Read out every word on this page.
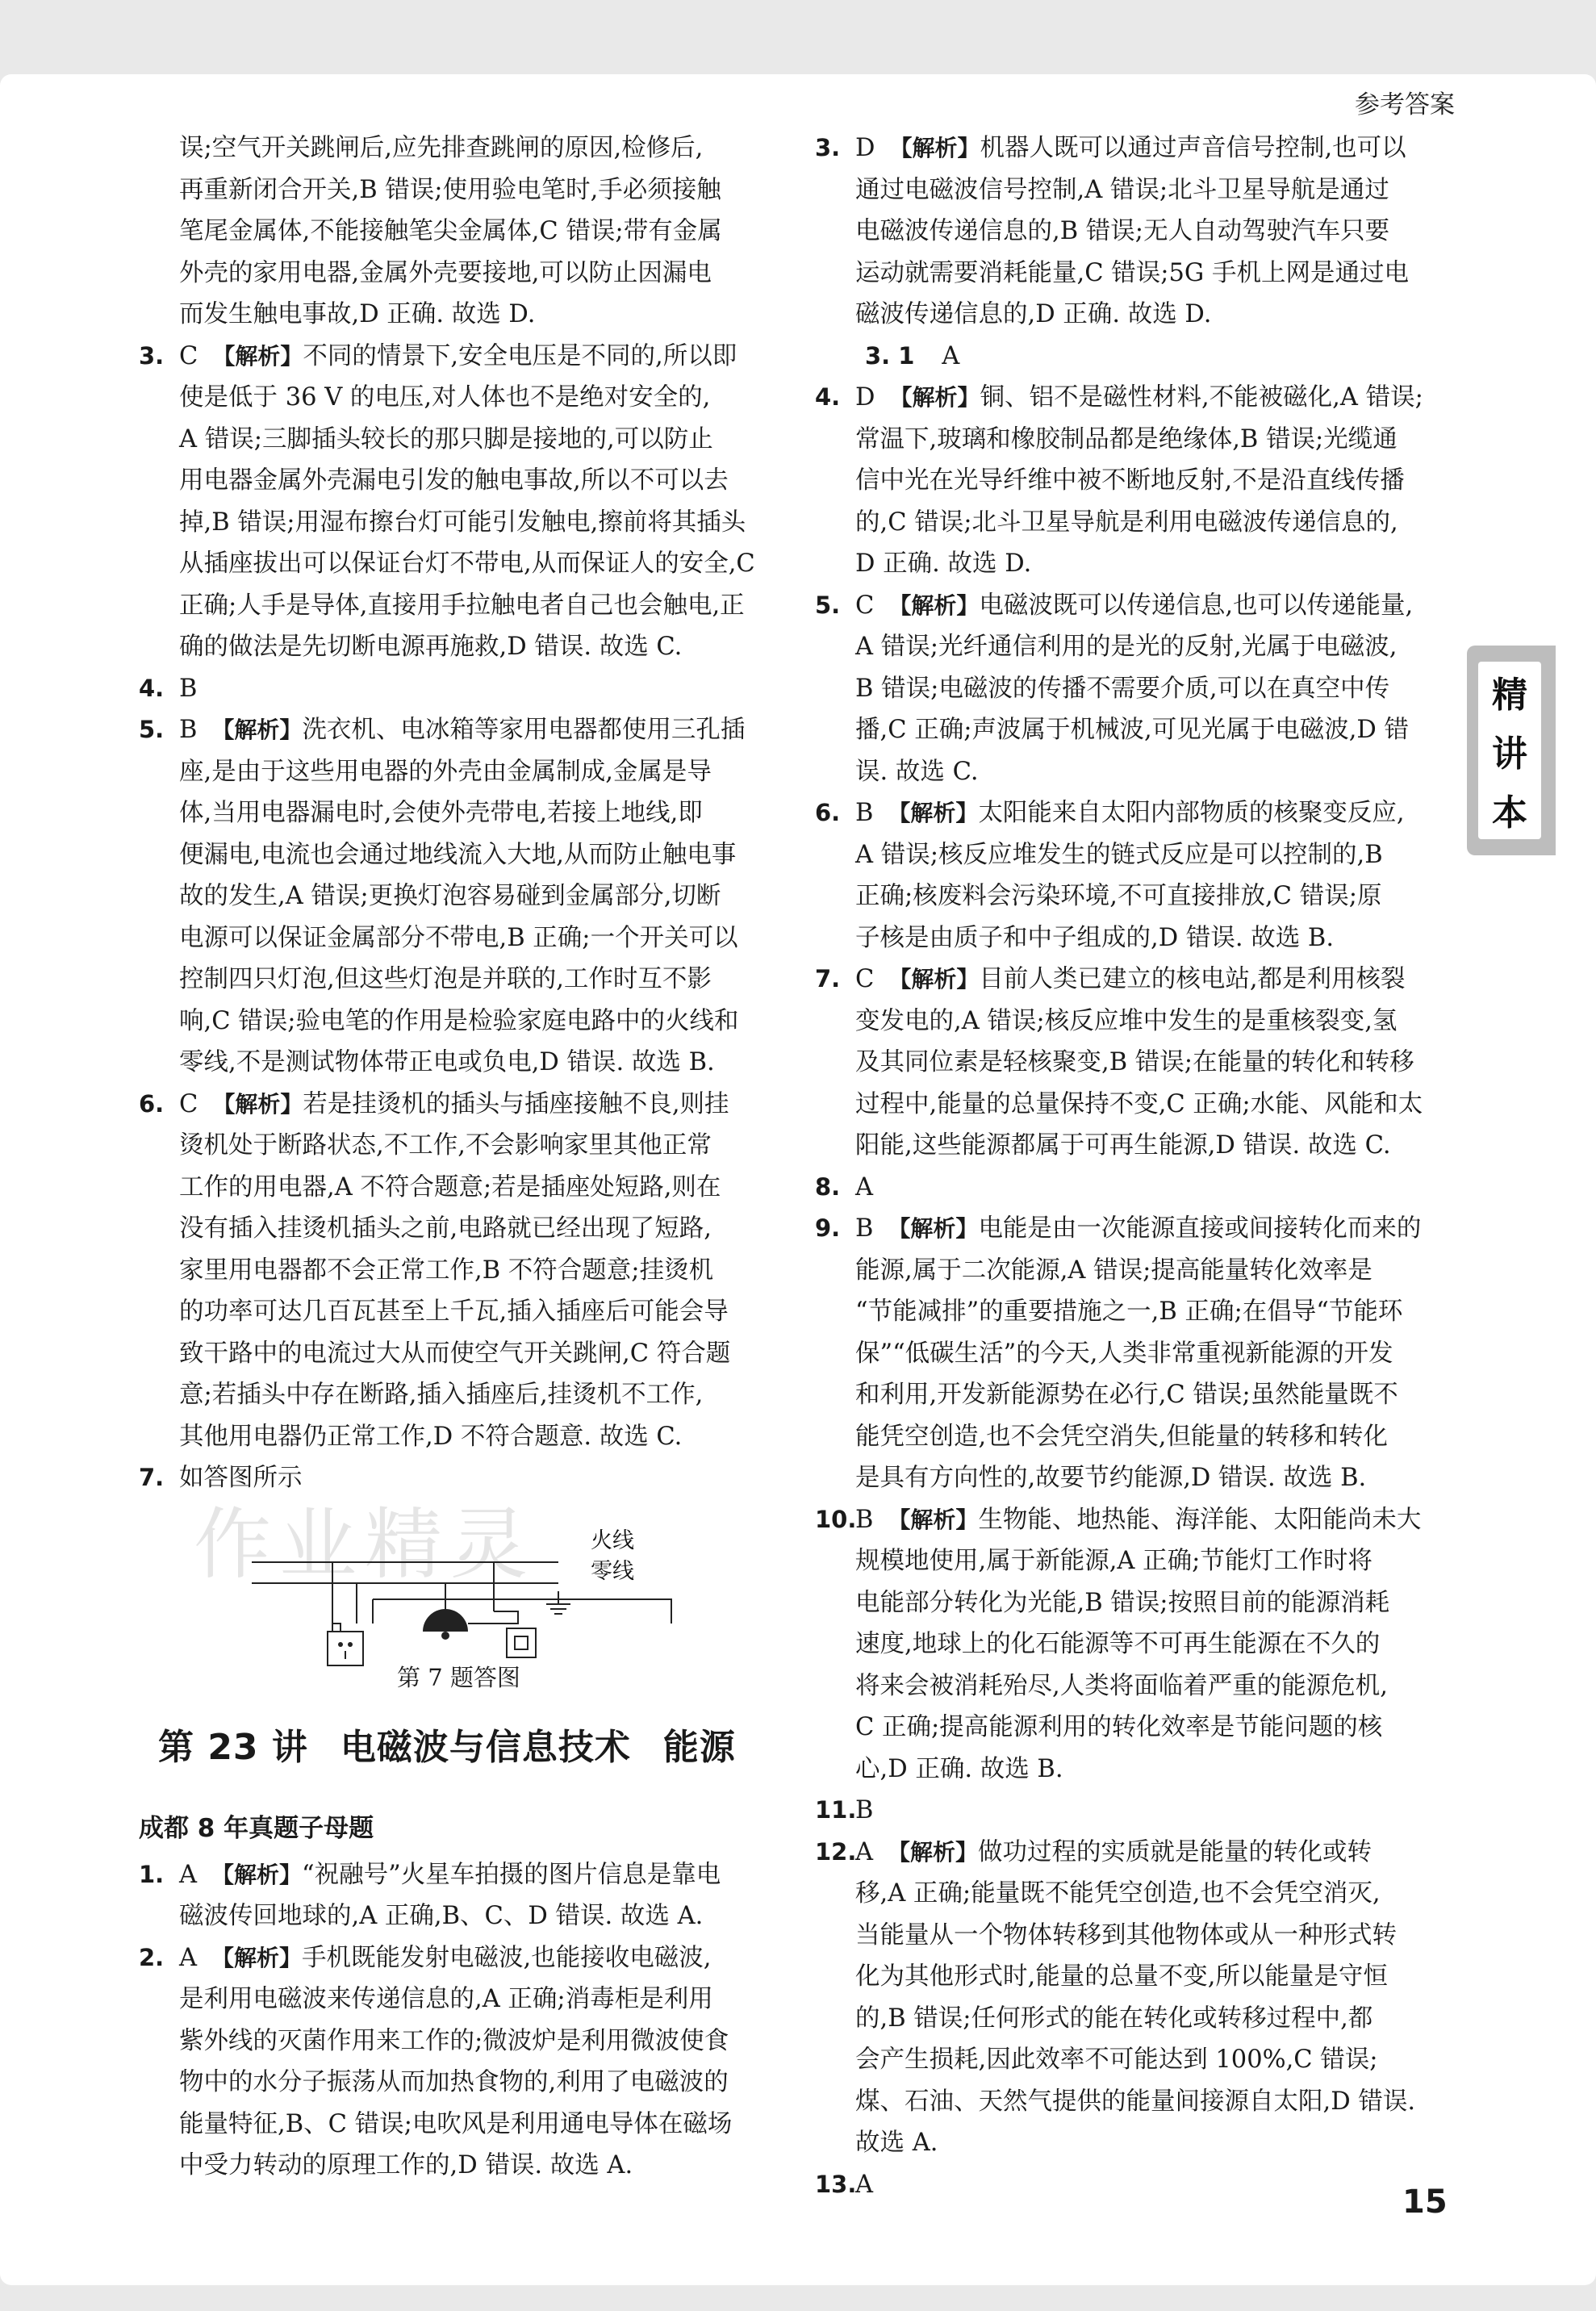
参考答案
精
讲
本
误;空气开关跳闸后,应先排查跳闸的原因,检修后,
再重新闭合开关,B 错误;使用验电笔时,手必须接触
笔尾金属体,不能接触笔尖金属体,C 错误;带有金属
外壳的家用电器,金属外壳要接地,可以防止因漏电
而发生触电事故,D 正确. 故选 D.
3. C 【解析】不同的情景下,安全电压是不同的,所以即
使是低于 36 V 的电压,对人体也不是绝对安全的,
A 错误;三脚插头较长的那只脚是接地的,可以防止
用电器金属外壳漏电引发的触电事故,所以不可以去
掉,B 错误;用湿布擦台灯可能引发触电,擦前将其插头
从插座拔出可以保证台灯不带电,从而保证人的安全,C
正确;人手是导体,直接用手拉触电者自己也会触电,正
确的做法是先切断电源再施救,D 错误. 故选 C.
4. B
5. B 【解析】洗衣机、电冰箱等家用电器都使用三孔插
座,是由于这些用电器的外壳由金属制成,金属是导
体,当用电器漏电时,会使外壳带电,若接上地线,即
便漏电,电流也会通过地线流入大地,从而防止触电事
故的发生,A 错误;更换灯泡容易碰到金属部分,切断
电源可以保证金属部分不带电,B 正确;一个开关可以
控制四只灯泡,但这些灯泡是并联的,工作时互不影
响,C 错误;验电笔的作用是检验家庭电路中的火线和
零线,不是测试物体带正电或负电,D 错误. 故选 B.
6. C 【解析】若是挂烫机的插头与插座接触不良,则挂
烫机处于断路状态,不工作,不会影响家里其他正常
工作的用电器,A 不符合题意;若是插座处短路,则在
没有插入挂烫机插头之前,电路就已经出现了短路,
家里用电器都不会正常工作,B 不符合题意;挂烫机
的功率可达几百瓦甚至上千瓦,插入插座后可能会导
致干路中的电流过大从而使空气开关跳闸,C 符合题
意;若插头中存在断路,插入插座后,挂烫机不工作,
其他用电器仍正常工作,D 不符合题意. 故选 C.
7. 如答图所示
作业精灵	火线
零线
第 7 题答图
第 23 讲 电磁波与信息技术 能源
成都 8 年真题子母题
1. A 【解析】“祝融号”火星车拍摄的图片信息是靠电
磁波传回地球的,A 正确,B、C、D 错误. 故选 A.
2. A 【解析】手机既能发射电磁波,也能接收电磁波,
是利用电磁波来传递信息的,A 正确;消毒柜是利用
紫外线的灭菌作用来工作的;微波炉是利用微波使食
物中的水分子振荡从而加热食物的,利用了电磁波的
能量特征,B、C 错误;电吹风是利用通电导体在磁场
中受力转动的原理工作的,D 错误. 故选 A.
3. D 【解析】机器人既可以通过声音信号控制,也可以
通过电磁波信号控制,A 错误;北斗卫星导航是通过
电磁波传递信息的,B 错误;无人自动驾驶汽车只要
运动就需要消耗能量,C 错误;5G 手机上网是通过电
磁波传递信息的,D 正确. 故选 D.
3. 1 A
4. D 【解析】铜、铝不是磁性材料,不能被磁化,A 错误;
常温下,玻璃和橡胶制品都是绝缘体,B 错误;光缆通
信中光在光导纤维中被不断地反射,不是沿直线传播
的,C 错误;北斗卫星导航是利用电磁波传递信息的,
D 正确. 故选 D.
5. C 【解析】电磁波既可以传递信息,也可以传递能量,
A 错误;光纤通信利用的是光的反射,光属于电磁波,
B 错误;电磁波的传播不需要介质,可以在真空中传
播,C 正确;声波属于机械波,可见光属于电磁波,D 错
误. 故选 C.
6. B 【解析】太阳能来自太阳内部物质的核聚变反应,
A 错误;核反应堆发生的链式反应是可以控制的,B
正确;核废料会污染环境,不可直接排放,C 错误;原
子核是由质子和中子组成的,D 错误. 故选 B.
7. C 【解析】目前人类已建立的核电站,都是利用核裂
变发电的,A 错误;核反应堆中发生的是重核裂变,氢
及其同位素是轻核聚变,B 错误;在能量的转化和转移
过程中,能量的总量保持不变,C 正确;水能、风能和太
阳能,这些能源都属于可再生能源,D 错误. 故选 C.
8. A
9. B 【解析】电能是由一次能源直接或间接转化而来的
能源,属于二次能源,A 错误;提高能量转化效率是
“节能减排”的重要措施之一,B 正确;在倡导“节能环
保”“低碳生活”的今天,人类非常重视新能源的开发
和利用,开发新能源势在必行,C 错误;虽然能量既不
能凭空创造,也不会凭空消失,但能量的转移和转化
是具有方向性的,故要节约能源,D 错误. 故选 B.
10.
B 【解析】生物能、地热能、海洋能、太阳能尚未大
规模地使用,属于新能源,A 正确;节能灯工作时将
电能部分转化为光能,B 错误;按照目前的能源消耗
速度,地球上的化石能源等不可再生能源在不久的
将来会被消耗殆尽,人类将面临着严重的能源危机,
C 正确;提高能源利用的转化效率是节能问题的核
心,D 正确. 故选 B.
11.
B
12.
A 【解析】做功过程的实质就是能量的转化或转
移,A 正确;能量既不能凭空创造,也不会凭空消灭,
当能量从一个物体转移到其他物体或从一种形式转
化为其他形式时,能量的总量不变,所以能量是守恒
的,B 错误;任何形式的能在转化或转移过程中,都
会产生损耗,因此效率不可能达到 100%,C 错误;
煤、石油、天然气提供的能量间接源自太阳,D 错误.
故选 A.
13.
A	15
